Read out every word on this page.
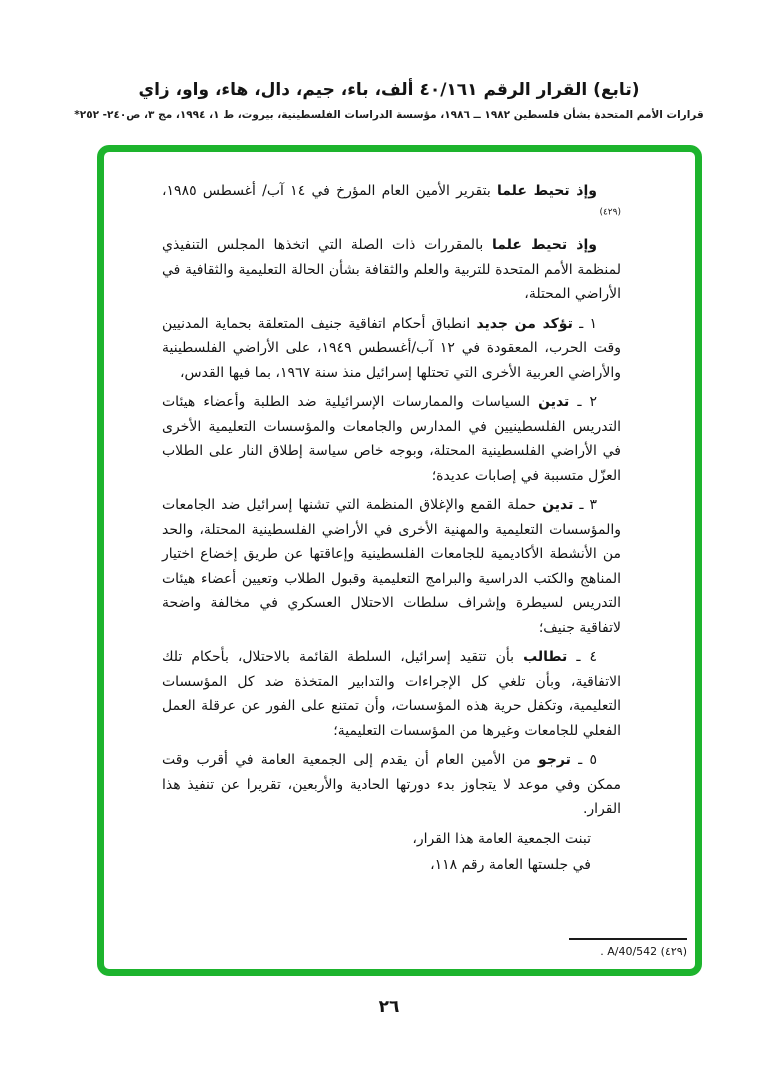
(تابع) القرار الرقم ٤٠/١٦١ ألف، باء، جيم، دال، هاء، واو، زاي
قرارات الأمم المتحدة بشأن فلسطين ١٩٨٢ ــ ١٩٨٦، مؤسسة الدراسات الفلسطينية، بيروت، ط ١، ١٩٩٤، مج ٣، ص٢٤٠- ٢٥٢*

وإذ تحيط علما بتقرير الأمين العام المؤرخ في ١٤ آب/ أغسطس ١٩٨٥،$^{(٤٢٩)}$

وإذ تحيط علما بالمقررات ذات الصلة التي اتخذها المجلس التنفيذي لمنظمة الأمم المتحدة للتربية والعلم والثقافة بشأن الحالة التعليمية والثقافية في الأراضي المحتلة،

١ ـ تؤكد من جديد انطباق أحكام اتفاقية جنيف المتعلقة بحماية المدنيين وقت الحرب، المعقودة في ١٢ آب/أغسطس ١٩٤٩، على الأراضي الفلسطينية والأراضي العربية الأخرى التي تحتلها إسرائيل منذ سنة ١٩٦٧، بما فيها القدس،

٢ ـ تدين السياسات والممارسات الإسرائيلية ضد الطلبة وأعضاء هيئات التدريس الفلسطينيين في المدارس والجامعات والمؤسسات التعليمية الأخرى في الأراضي الفلسطينية المحتلة، وبوجه خاص سياسة إطلاق النار على الطلاب العزّل متسببة في إصابات عديدة؛

٣ ـ تدين حملة القمع والإغلاق المنظمة التي تشنها إسرائيل ضد الجامعات والمؤسسات التعليمية والمهنية الأخرى في الأراضي الفلسطينية المحتلة، والحد من الأنشطة الأكاديمية للجامعات الفلسطينية وإعاقتها عن طريق إخضاع اختيار المناهج والكتب الدراسية والبرامج التعليمية وقبول الطلاب وتعيين أعضاء هيئات التدريس لسيطرة وإشراف سلطات الاحتلال العسكري في مخالفة واضحة لاتفاقية جنيف؛

٤ ـ تطالب بأن تتقيد إسرائيل، السلطة القائمة بالاحتلال، بأحكام تلك الاتفاقية، وبأن تلغي كل الإجراءات والتدابير المتخذة ضد كل المؤسسات التعليمية، وتكفل حرية هذه المؤسسات، وأن تمتنع على الفور عن عرقلة العمل الفعلي للجامعات وغيرها من المؤسسات التعليمية؛

٥ ـ ترجو من الأمين العام أن يقدم إلى الجمعية العامة في أقرب وقت ممكن وفي موعد لا يتجاوز بدء دورتها الحادية والأربعين، تقريرا عن تنفيذ هذا القرار.

تبنت الجمعية العامة هذا القرار،

في جلستها العامة رقم ١١٨،

(٤٢٩) A/40/542 .
٢٦
